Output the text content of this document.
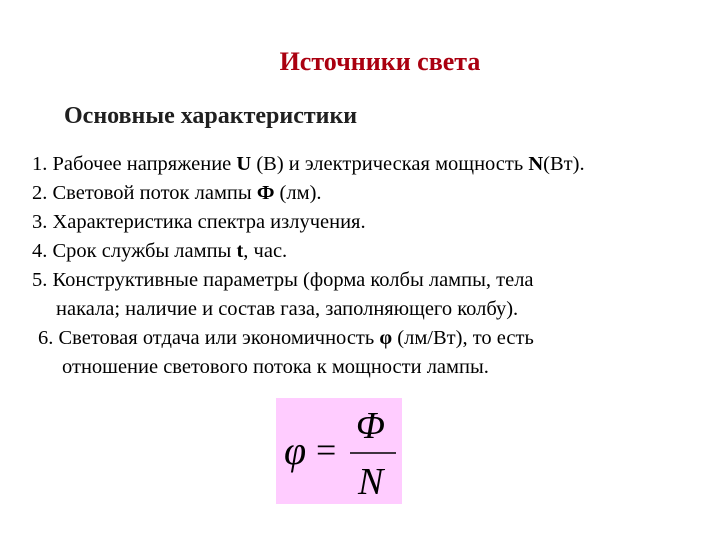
Источники света
Основные характеристики

1. Рабочее напряжение U (В) и электрическая мощность N(Вт).

2. Световой поток лампы Ф (лм).

3. Характеристика спектра излучения.

4. Срок службы лампы t, час.

5. Конструктивные параметры (форма колбы лампы, тела

накала; наличие и состав газа, заполняющего колбу).

6. Световая отдача или экономичность φ (лм/Вт), то есть

отношение светового потока к мощности лампы.

φ =
Φ
N
